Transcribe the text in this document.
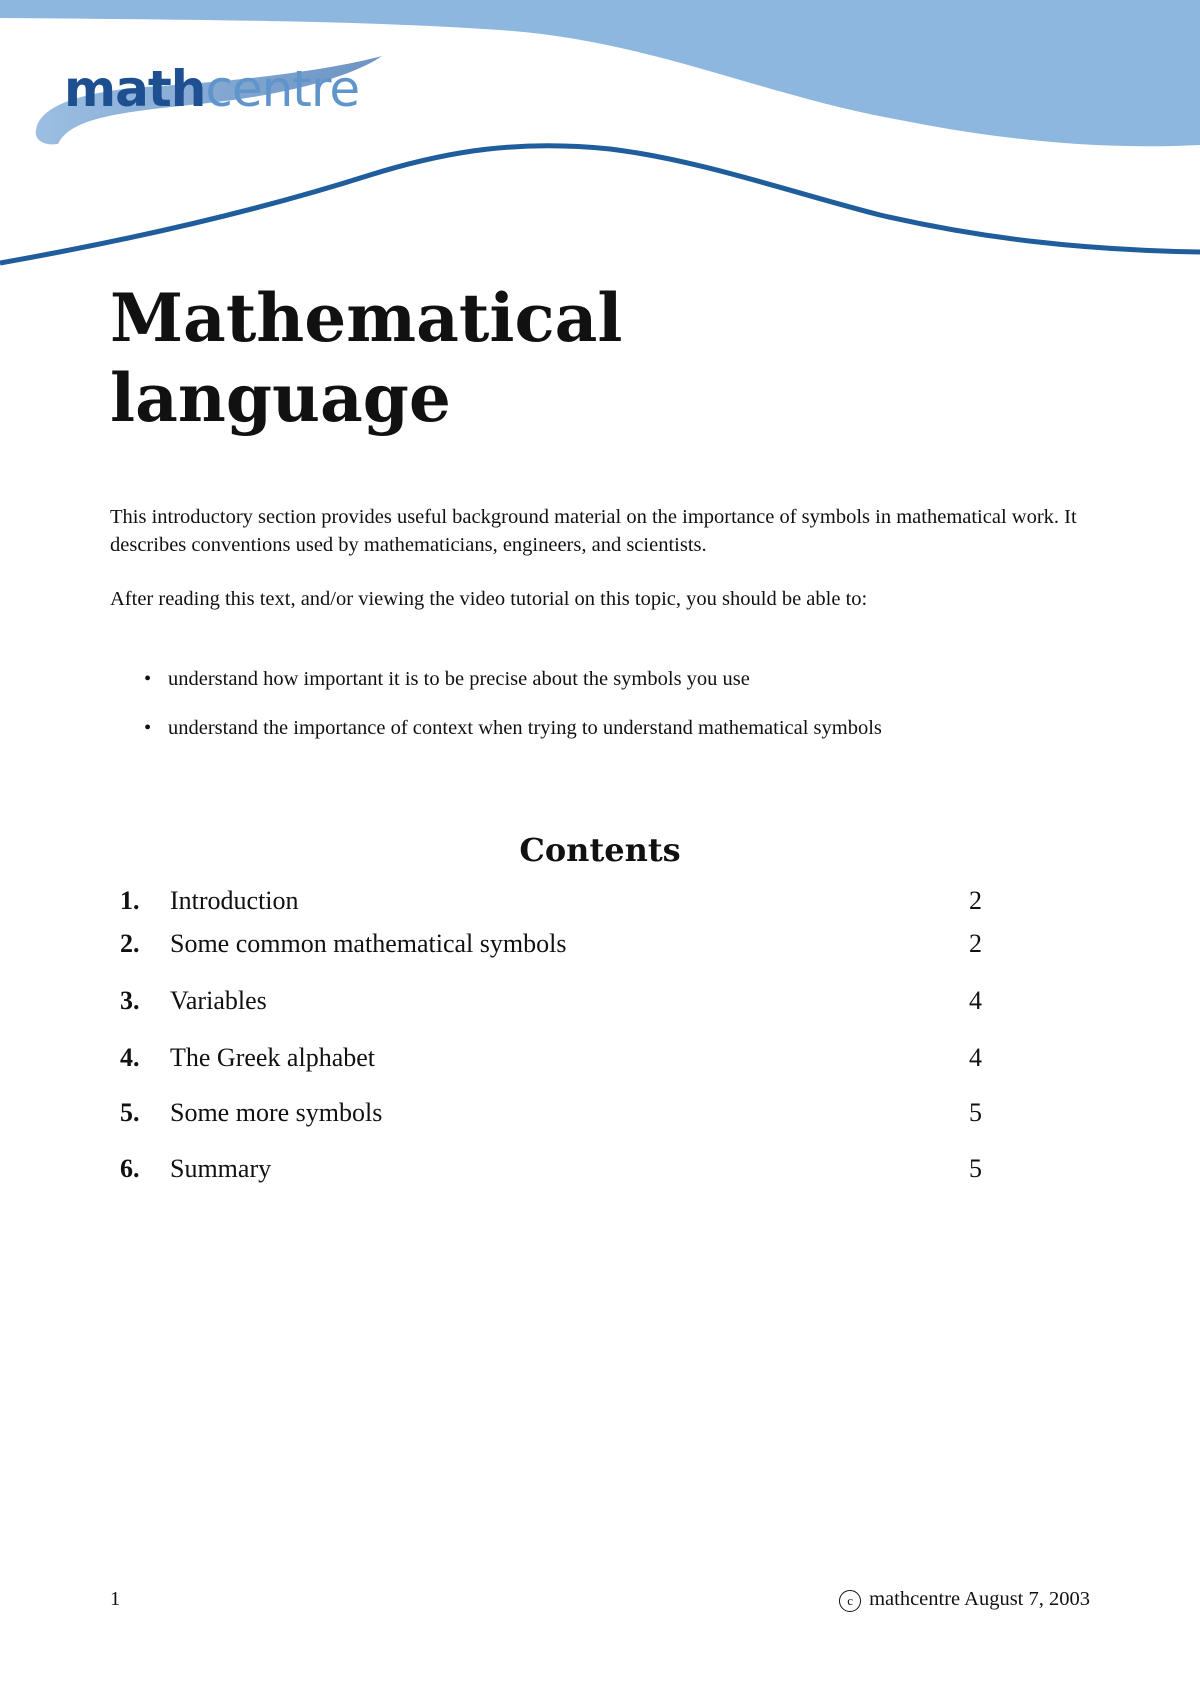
mathcentre
Mathematical
language

This introductory section provides useful background material on the importance of symbols in mathematical work. It describes conventions used by mathematicians, engineers, and scientists.

After reading this text, and/or viewing the video tutorial on this topic, you should be able to:

• understand how important it is to be precise about the symbols you use
• understand the importance of context when trying to understand mathematical symbols
Contents
1. Introduction	2
2. Some common mathematical symbols	2
3. Variables	4
4. The Greek alphabet	4
5. Some more symbols	5
6. Summary	5
1	c mathcentre August 7, 2003
